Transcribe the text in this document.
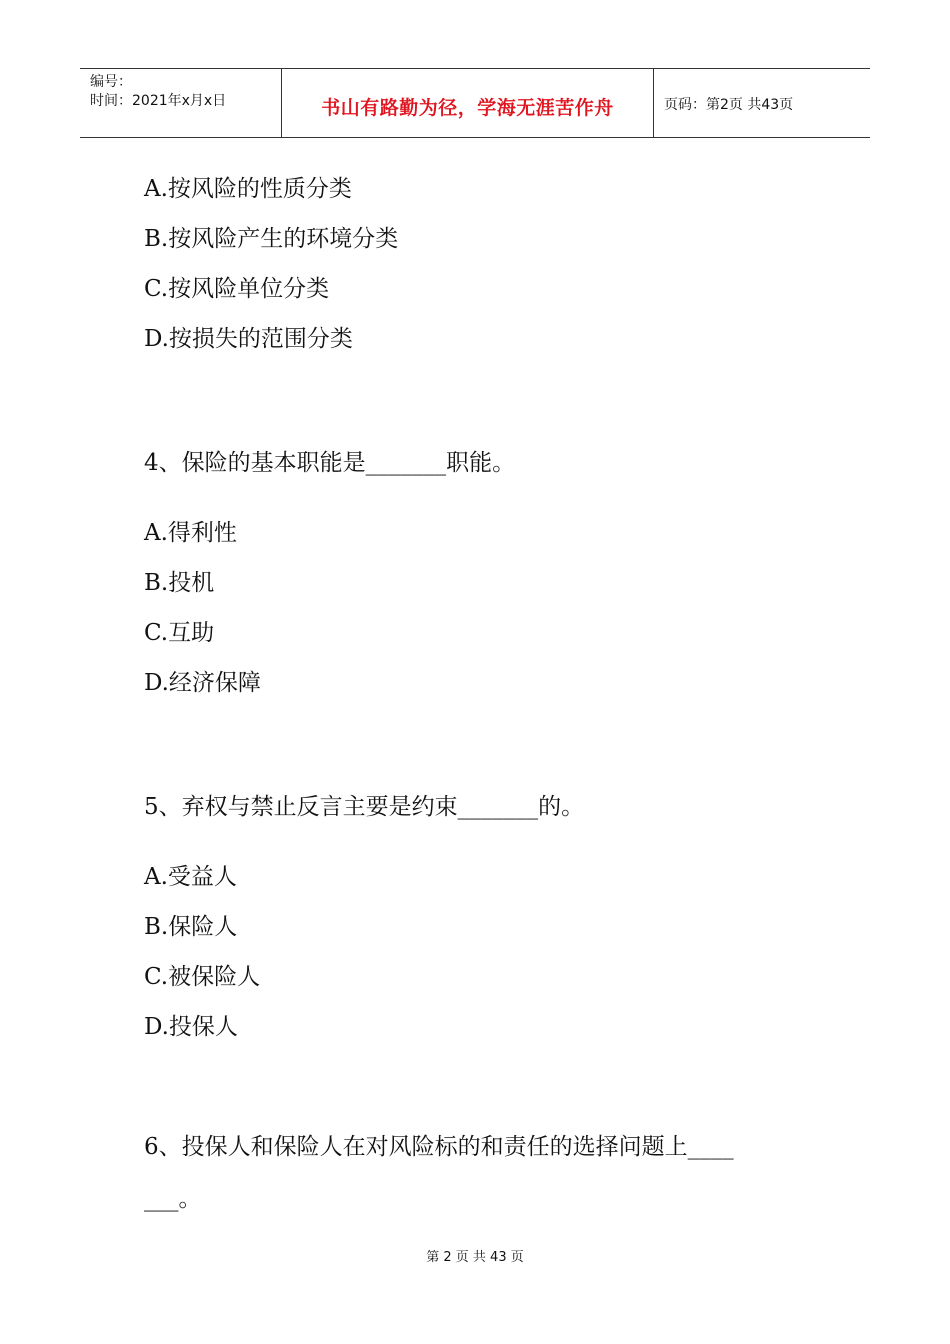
编号：
时间：2021年x月x日	书山有路勤为径，学海无涯苦作舟	页码：第2页 共43页
A.按风险的性质分类
B.按风险产生的环境分类
C.按风险单位分类
D.按损失的范围分类
4、保险的基本职能是_______职能。
A.得利性
B.投机
C.互助
D.经济保障
5、弃权与禁止反言主要是约束_______的。
A.受益人
B.保险人
C.被保险人
D.投保人
6、投保人和保险人在对风险标的和责任的选择问题上____
___。
第 2 页 共 43 页
